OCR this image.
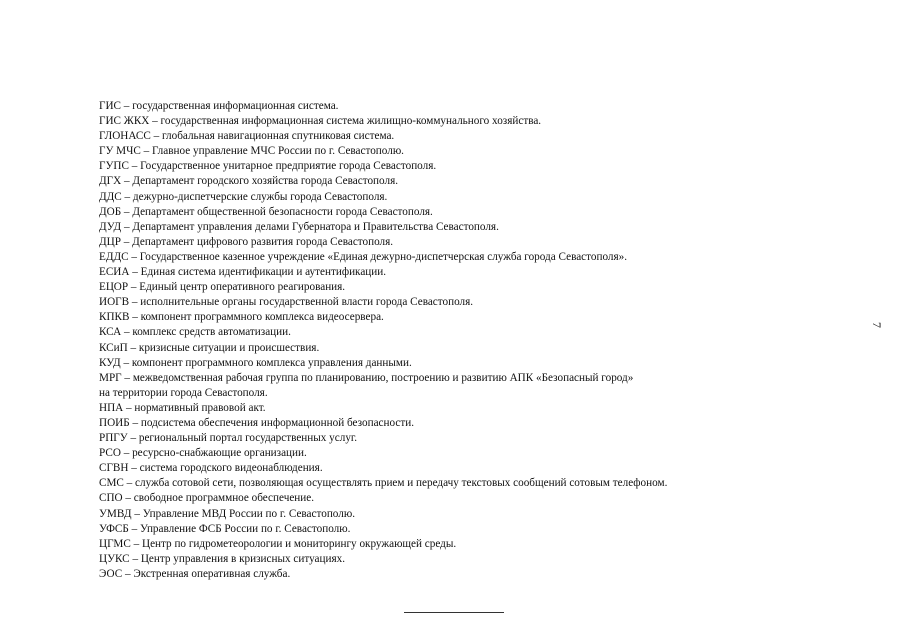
ГИС – государственная информационная система.
ГИС ЖКХ – государственная информационная система жилищно-коммунального хозяйства.
ГЛОНАСС – глобальная навигационная спутниковая система.
ГУ МЧС – Главное управление МЧС России по г. Севастополю.
ГУПС – Государственное унитарное предприятие города Севастополя.
ДГХ – Департамент городского хозяйства города Севастополя.
ДДС – дежурно-диспетчерские службы города Севастополя.
ДОБ – Департамент общественной безопасности города Севастополя.
ДУД – Департамент управления делами Губернатора и Правительства Севастополя.
ДЦР – Департамент цифрового развития города Севастополя.
ЕДДС – Государственное казенное учреждение «Единая дежурно-диспетчерская служба города Севастополя».
ЕСИА – Единая система идентификации и аутентификации.
ЕЦОР – Единый центр оперативного реагирования.
ИОГВ – исполнительные органы государственной власти города Севастополя.
КПКВ – компонент программного комплекса видеосервера.
КСА – комплекс средств автоматизации.
КСиП – кризисные ситуации и происшествия.
КУД – компонент программного комплекса управления данными.
МРГ – межведомственная рабочая группа по планированию, построению и развитию АПК «Безопасный город»
на территории города Севастополя.
НПА – нормативный правовой акт.
ПОИБ – подсистема обеспечения информационной безопасности.
РПГУ – региональный портал государственных услуг.
РСО – ресурсно-снабжающие организации.
СГВН – система городского видеонаблюдения.
СМС – служба сотовой сети, позволяющая осуществлять прием и передачу текстовых сообщений сотовым телефоном.
СПО – свободное программное обеспечение.
УМВД – Управление МВД России по г. Севастополю.
УФСБ – Управление ФСБ России по г. Севастополю.
ЦГМС – Центр по гидрометеорологии и мониторингу окружающей среды.
ЦУКС – Центр управления в кризисных ситуациях.
ЭОС – Экстренная оперативная служба.
7
